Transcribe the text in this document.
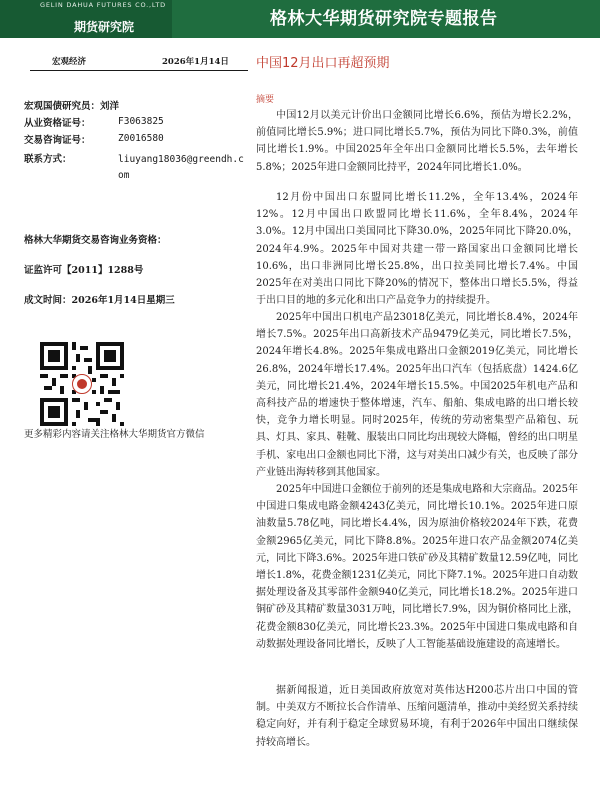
GELIN DAHUA FUTURES CO.,LTD
期货研究院	格林大华期货研究院专题报告
宏观经济	2026年1月14日 中国12月出口再超预期
宏观国债研究员：刘洋
从业资格证号：	F3063825
交易咨询证号：	Z0016580
联系方式：	liuyang18036@greendh.com
格林大华期货交易咨询业务资格：
证监许可【2011】1288号
成文时间：2026年1月14日星期三
更多精彩内容请关注格林大华期货官方微信
摘要

中国12月以美元计价出口金额同比增长6.6%，预估为增长2.2%，前值同比增长5.9%；进口同比增长5.7%，预估为同比下降0.3%，前值同比增长1.9%。中国2025年全年出口金额同比增长5.5%，去年增长5.8%；2025年进口金额同比持平，2024年同比增长1.0%。

12月份中国出口东盟同比增长11.2%，全年13.4%，2024年12%。12月中国出口欧盟同比增长11.6%，全年8.4%，2024年3.0%。12月中国出口美国同比下降30.0%，2025年同比下降20.0%，2024年4.9%。2025年中国对共建一带一路国家出口金额同比增长10.6%，出口非洲同比增长25.8%，出口拉美同比增长7.4%。中国2025年在对美出口同比下降20%的情况下，整体出口增长5.5%，得益于出口目的地的多元化和出口产品竞争力的持续提升。

2025年中国出口机电产品23018亿美元，同比增长8.4%，2024年增长7.5%。2025年出口高新技术产品9479亿美元，同比增长7.5%，2024年增长4.8%。2025年集成电路出口金额2019亿美元，同比增长26.8%，2024年增长17.4%。2025年出口汽车（包括底盘）1424.6亿美元，同比增长21.4%，2024年增长15.5%。中国2025年机电产品和高科技产品的增速快于整体增速，汽车、船舶、集成电路的出口增长较快，竞争力增长明显。同时2025年，传统的劳动密集型产品箱包、玩具、灯具、家具、鞋靴、服装出口同比均出现较大降幅，曾经的出口明星手机、家电出口金额也同比下滑，这与对美出口减少有关，也反映了部分产业链出海转移到其他国家。

2025年中国进口金额位于前列的还是集成电路和大宗商品。2025年中国进口集成电路金额4243亿美元，同比增长10.1%。2025年进口原油数量5.78亿吨，同比增长4.4%，因为原油价格较2024年下跌，花费金额2965亿美元，同比下降8.8%。2025年进口农产品金额2074亿美元，同比下降3.6%。2025年进口铁矿砂及其精矿数量12.59亿吨，同比增长1.8%，花费金额1231亿美元，同比下降7.1%。2025年进口自动数据处理设备及其零部件金额940亿美元，同比增长18.2%。2025年进口铜矿砂及其精矿数量3031万吨，同比增长7.9%，因为铜价格同比上涨，花费金额830亿美元，同比增长23.3%。2025年中国进口集成电路和自动数据处理设备同比增长，反映了人工智能基础设施建设的高速增长。

据新闻报道，近日美国政府放宽对英伟达H200芯片出口中国的管制。中美双方不断拉长合作清单、压缩问题清单，推动中美经贸关系持续稳定向好，并有利于稳定全球贸易环境，有利于2026年中国出口继续保持较高增长。
